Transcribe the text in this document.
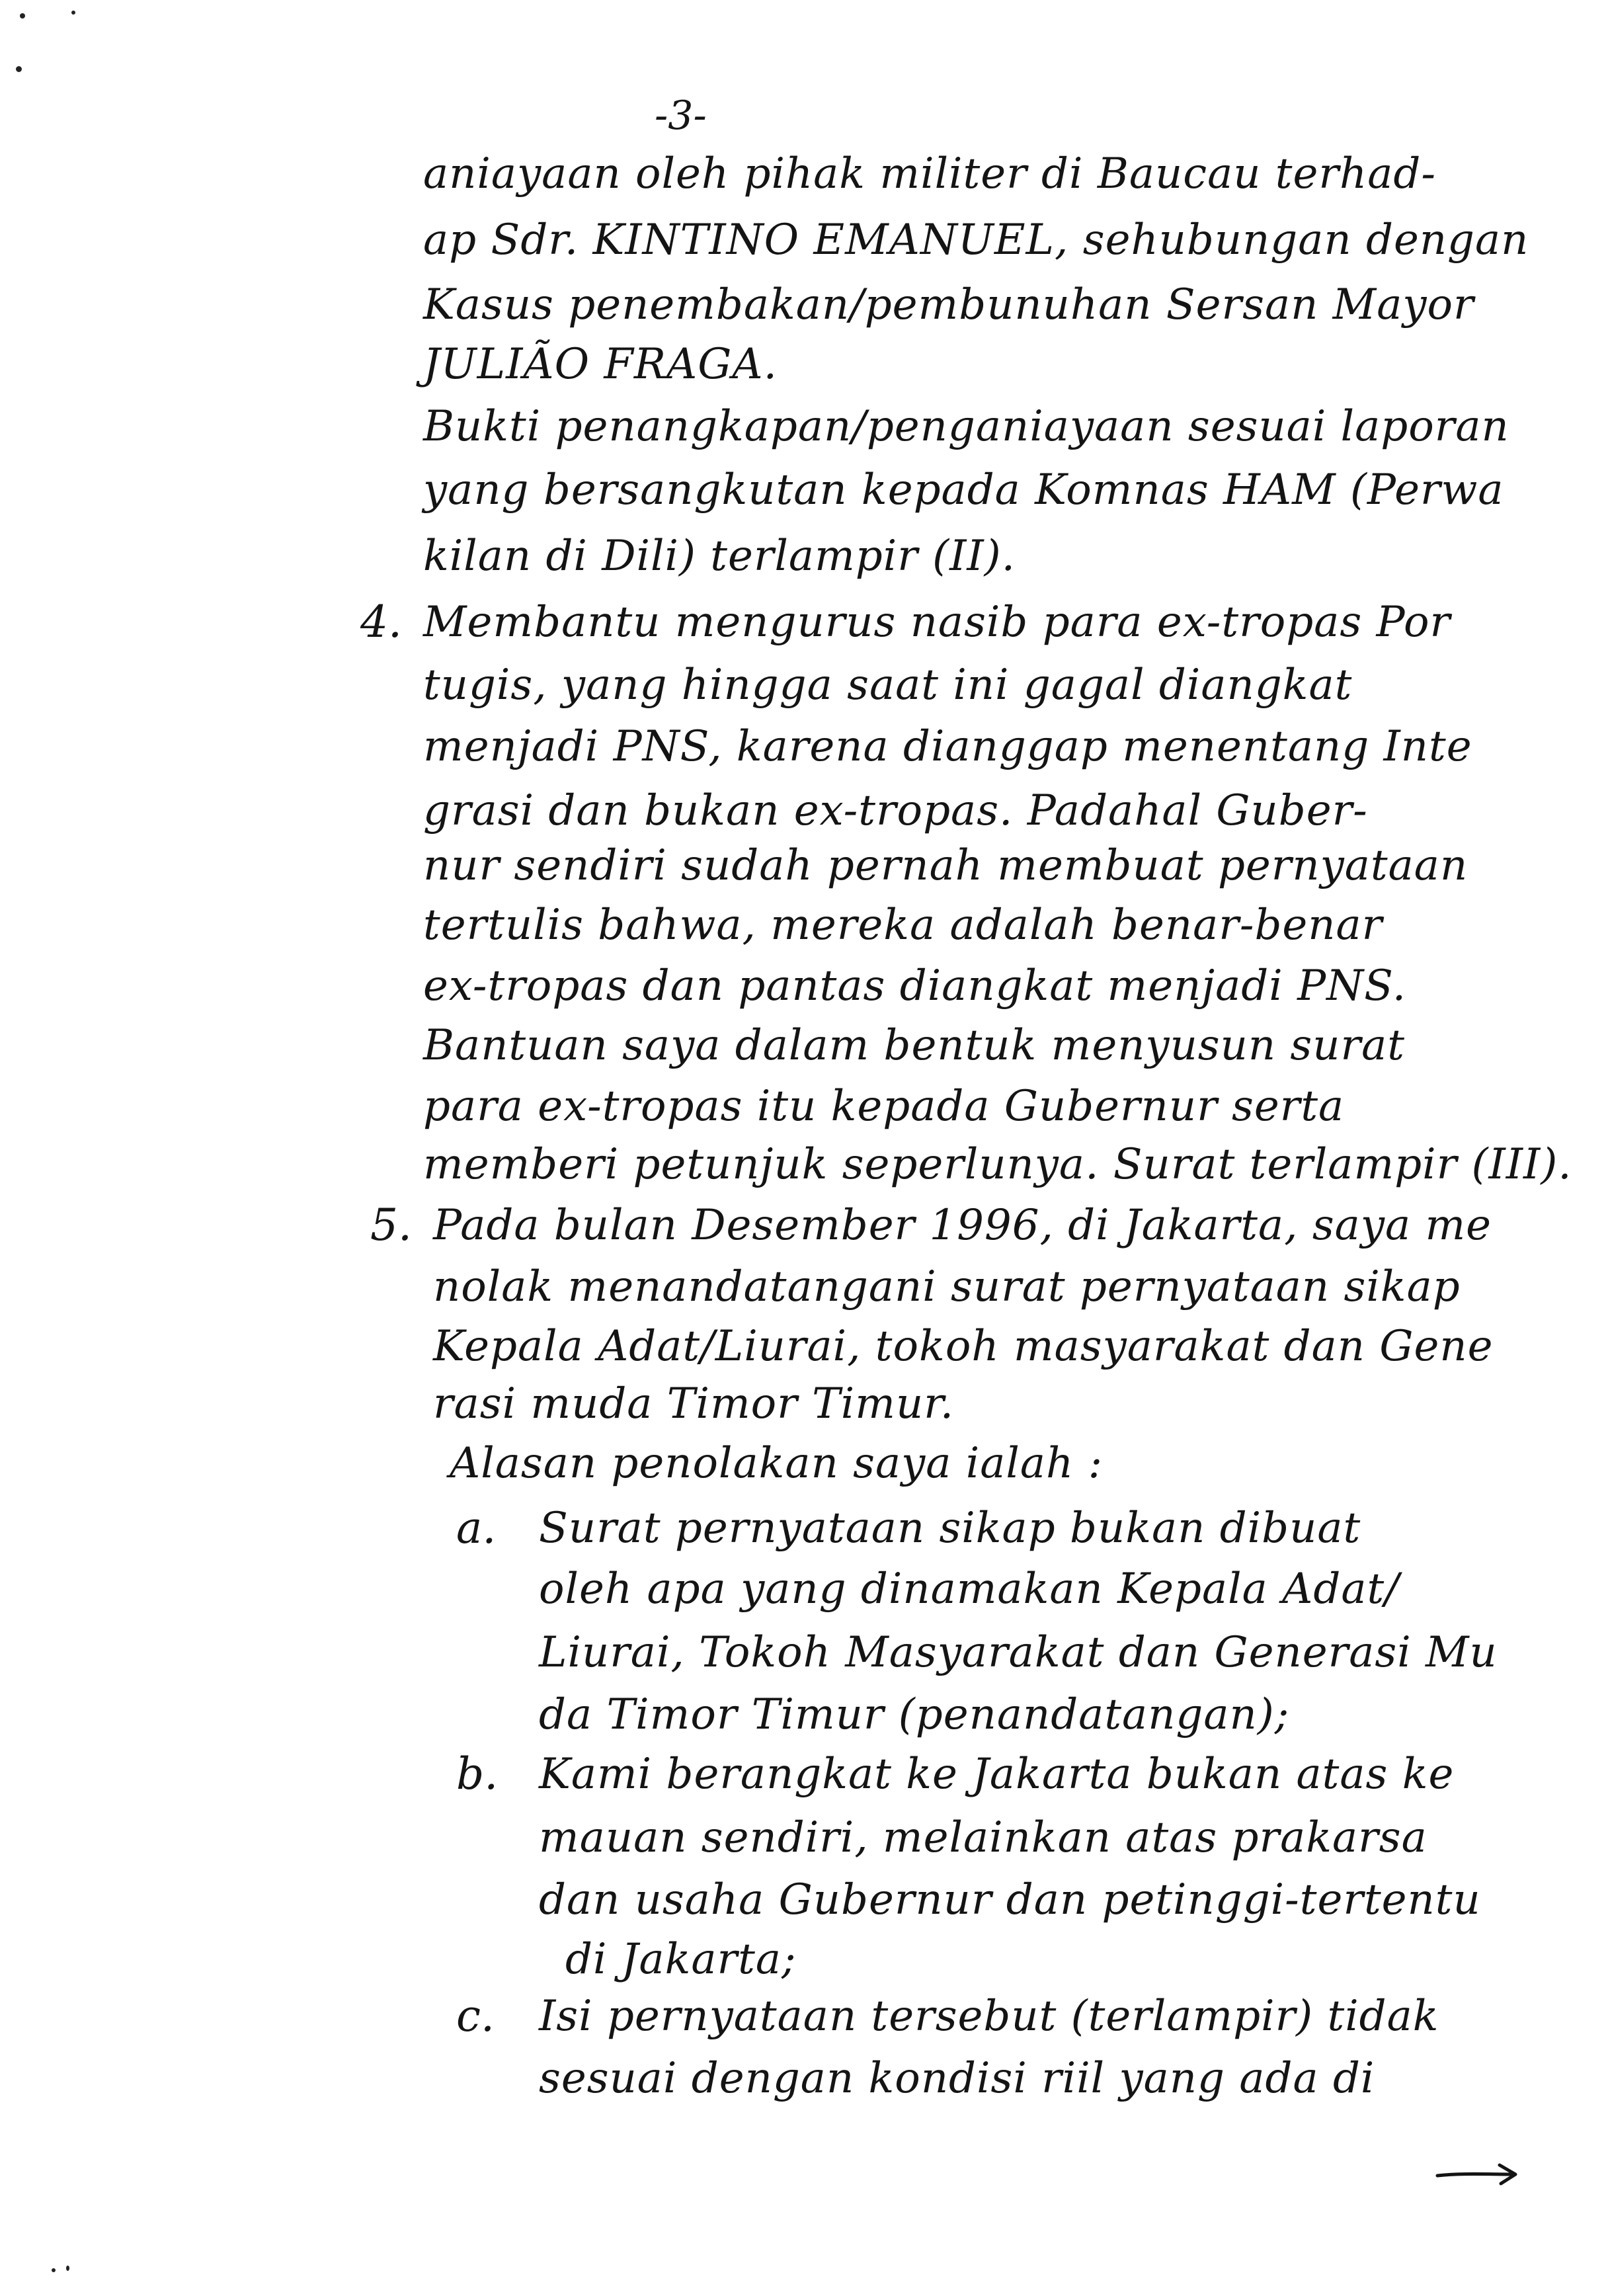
-3-
aniayaan oleh pihak militer di Baucau terhad-
ap Sdr. KINTINO EMANUEL, sehubungan dengan
Kasus penembakan/pembunuhan Sersan Mayor
JULIÃO FRAGA.
Bukti penangkapan/penganiayaan sesuai laporan
yang bersangkutan kepada Komnas HAM (Perwa
kilan di Dili) terlampir (II).
4. Membantu mengurus nasib para ex-tropas Por
tugis, yang hingga saat ini gagal diangkat
menjadi PNS, karena dianggap menentang Inte
grasi dan bukan ex-tropas. Padahal Guber-
nur sendiri sudah pernah membuat pernyataan
tertulis bahwa, mereka adalah benar-benar
ex-tropas dan pantas diangkat menjadi PNS.
Bantuan saya dalam bentuk menyusun surat
para ex-tropas itu kepada Gubernur serta
memberi petunjuk seperlunya. Surat terlampir (III).
5. Pada bulan Desember 1996, di Jakarta, saya me
nolak menandatangani surat pernyataan sikap
Kepala Adat/Liurai, tokoh masyarakat dan Gene
rasi muda Timor Timur.
Alasan penolakan saya ialah :
a. Surat pernyataan sikap bukan dibuat
oleh apa yang dinamakan Kepala Adat/
Liurai, Tokoh Masyarakat dan Generasi Mu
da Timor Timur (penandatangan);
b. Kami berangkat ke Jakarta bukan atas ke
mauan sendiri, melainkan atas prakarsa
dan usaha Gubernur dan petinggi-tertentu
di Jakarta;
c. Isi pernyataan tersebut (terlampir) tidak
sesuai dengan kondisi riil yang ada di
